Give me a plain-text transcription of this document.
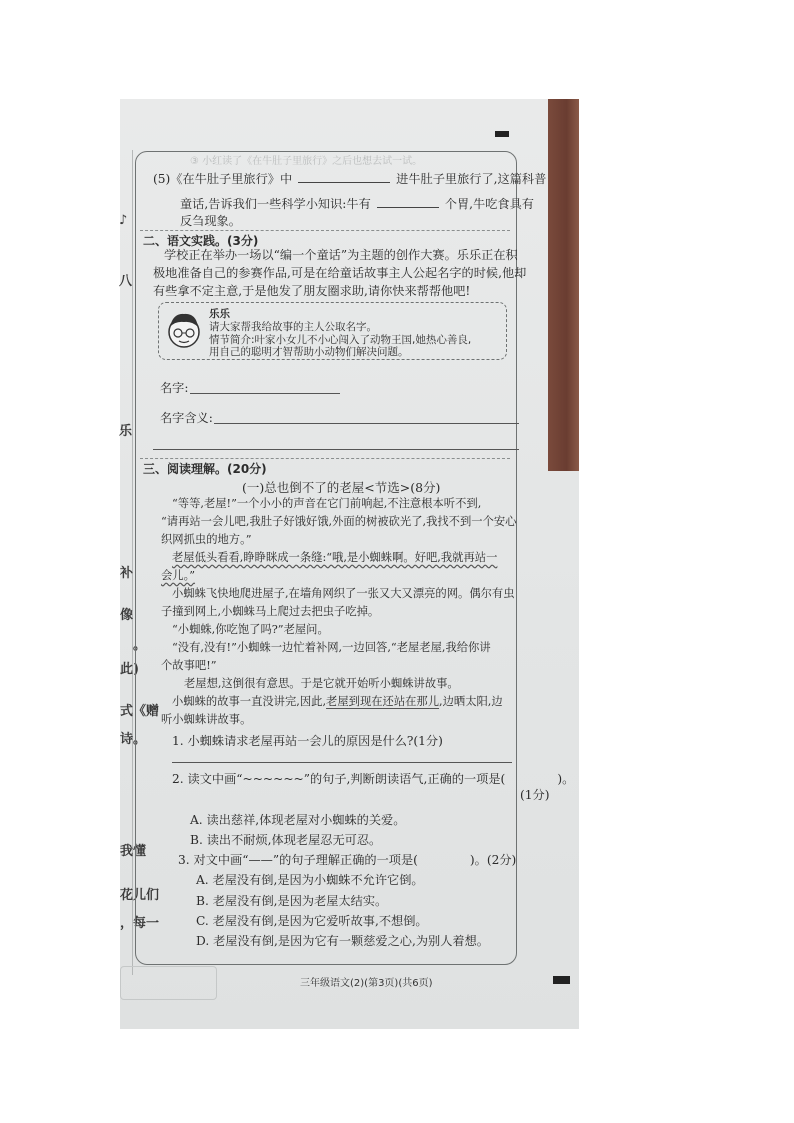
♪
八
乐
补
像
。
此)
式《赠
诗。
我懂
花儿们
，每一
③ 小红读了《在牛肚子里旅行》之后也想去试一试。
(5)《在牛肚子里旅行》中	进牛肚子里旅行了,这篇科普
童话,告诉我们一些科学小知识:牛有	个胃,牛吃食具有
反刍现象。
二、语文实践。(3分)
学校正在举办一场以“编一个童话”为主题的创作大赛。乐乐正在积
极地准备自己的参赛作品,可是在给童话故事主人公起名字的时候,他却
有些拿不定主意,于是他发了朋友圈求助,请你快来帮帮他吧!
乐乐
请大家帮我给故事的主人公取名字。
情节简介:叶家小女儿不小心闯入了动物王国,她热心善良,
用自己的聪明才智帮助小动物们解决问题。
名字:
名字含义:
三、阅读理解。(20分)
(一)总也倒不了的老屋<节选>(8分)
“等等,老屋!”一个小小的声音在它门前响起,不注意根本听不到,
“请再站一会儿吧,我肚子好饿好饿,外面的树被砍光了,我找不到一个安心
织网抓虫的地方。”
老屋低头看看,睁睁眯成一条缝:“哦,是小蜘蛛啊。好吧,我就再站一
会儿。”
小蜘蛛飞快地爬进屋子,在墙角网织了一张又大又漂亮的网。偶尔有虫
子撞到网上,小蜘蛛马上爬过去把虫子吃掉。
“小蜘蛛,你吃饱了吗?”老屋问。
“没有,没有!”小蜘蛛一边忙着补网,一边回答,“老屋老屋,我给你讲
个故事吧!”
老屋想,这倒很有意思。于是它就开始听小蜘蛛讲故事。
小蜘蛛的故事一直没讲完,因此,老屋到现在还站在那儿,边晒太阳,边
听小蜘蛛讲故事。
1. 小蜘蛛请求老屋再站一会儿的原因是什么?(1分)
2. 读文中画“~~~~~~”的句子,判断朗读语气,正确的一项是(	)。
(1分)
A. 读出慈祥,体现老屋对小蜘蛛的关爱。
B. 读出不耐烦,体现老屋忍无可忍。
3. 对文中画“——”的句子理解正确的一项是(	)。(2分)
A. 老屋没有倒,是因为小蜘蛛不允许它倒。
B. 老屋没有倒,是因为老屋太结实。
C. 老屋没有倒,是因为它爱听故事,不想倒。
D. 老屋没有倒,是因为它有一颗慈爱之心,为别人着想。
三年级语文(2)(第3页)(共6页)
